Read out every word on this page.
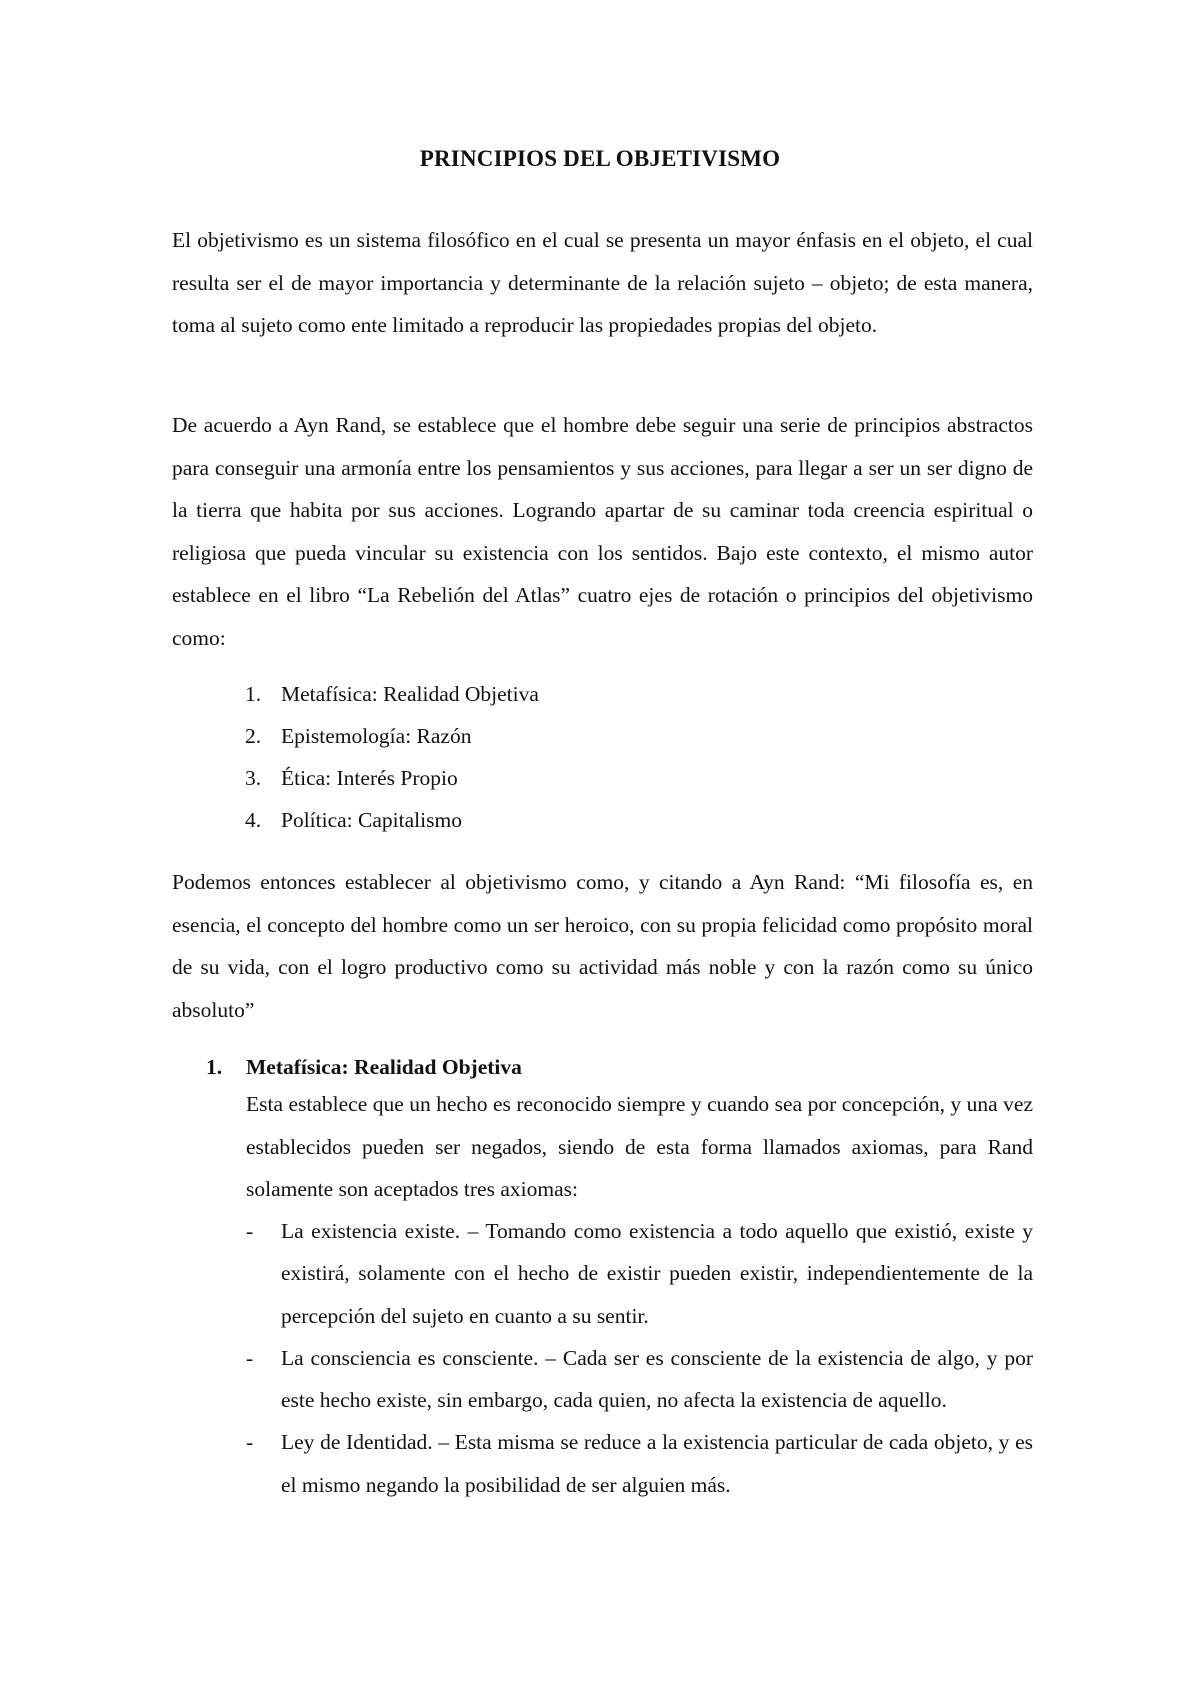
PRINCIPIOS DEL OBJETIVISMO

El objetivismo es un sistema filosófico en el cual se presenta un mayor énfasis en el objeto, el cual resulta ser el de mayor importancia y determinante de la relación sujeto – objeto; de esta manera, toma al sujeto como ente limitado a reproducir las propiedades propias del objeto.

De acuerdo a Ayn Rand, se establece que el hombre debe seguir una serie de principios abstractos para conseguir una armonía entre los pensamientos y sus acciones, para llegar a ser un ser digno de la tierra que habita por sus acciones. Logrando apartar de su caminar toda creencia espiritual o religiosa que pueda vincular su existencia con los sentidos. Bajo este contexto, el mismo autor establece en el libro “La Rebelión del Atlas” cuatro ejes de rotación o principios del objetivismo como:

1. Metafísica: Realidad Objetiva
2. Epistemología: Razón
3. Ética: Interés Propio
4. Política: Capitalismo

Podemos entonces establecer al objetivismo como, y citando a Ayn Rand: “Mi filosofía es, en esencia, el concepto del hombre como un ser heroico, con su propia felicidad como propósito moral de su vida, con el logro productivo como su actividad más noble y con la razón como su único absoluto”

1. Metafísica: Realidad Objetiva

Esta establece que un hecho es reconocido siempre y cuando sea por concepción, y una vez establecidos pueden ser negados, siendo de esta forma llamados axiomas, para Rand solamente son aceptados tres axiomas:

- La existencia existe. – Tomando como existencia a todo aquello que existió, existe y existirá, solamente con el hecho de existir pueden existir, independientemente de la percepción del sujeto en cuanto a su sentir.
- La consciencia es consciente. – Cada ser es consciente de la existencia de algo, y por este hecho existe, sin embargo, cada quien, no afecta la existencia de aquello.
- Ley de Identidad. – Esta misma se reduce a la existencia particular de cada objeto, y es el mismo negando la posibilidad de ser alguien más.
